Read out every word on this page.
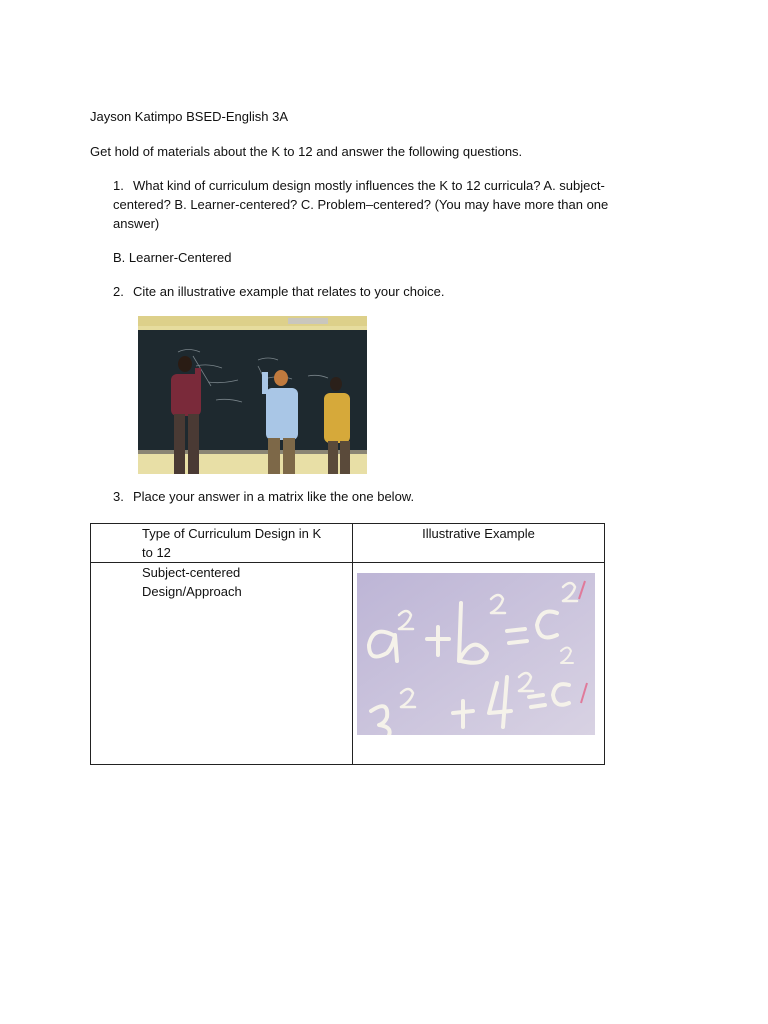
Jayson Katimpo BSED-English 3A
Get hold of materials about the K to 12 and answer the following questions.
1. What kind of curriculum design mostly influences the K to 12 curricula? A. subject-
centered? B. Learner-centered? C. Problem–centered? (You may have more than one
answer)
B. Learner-Centered
2. Cite an illustrative example that relates to your choice.
3. Place your answer in a matrix like the one below.
Type of Curriculum Design in K
to 12	Illustrative Example

Subject-centered
Design/Approach
